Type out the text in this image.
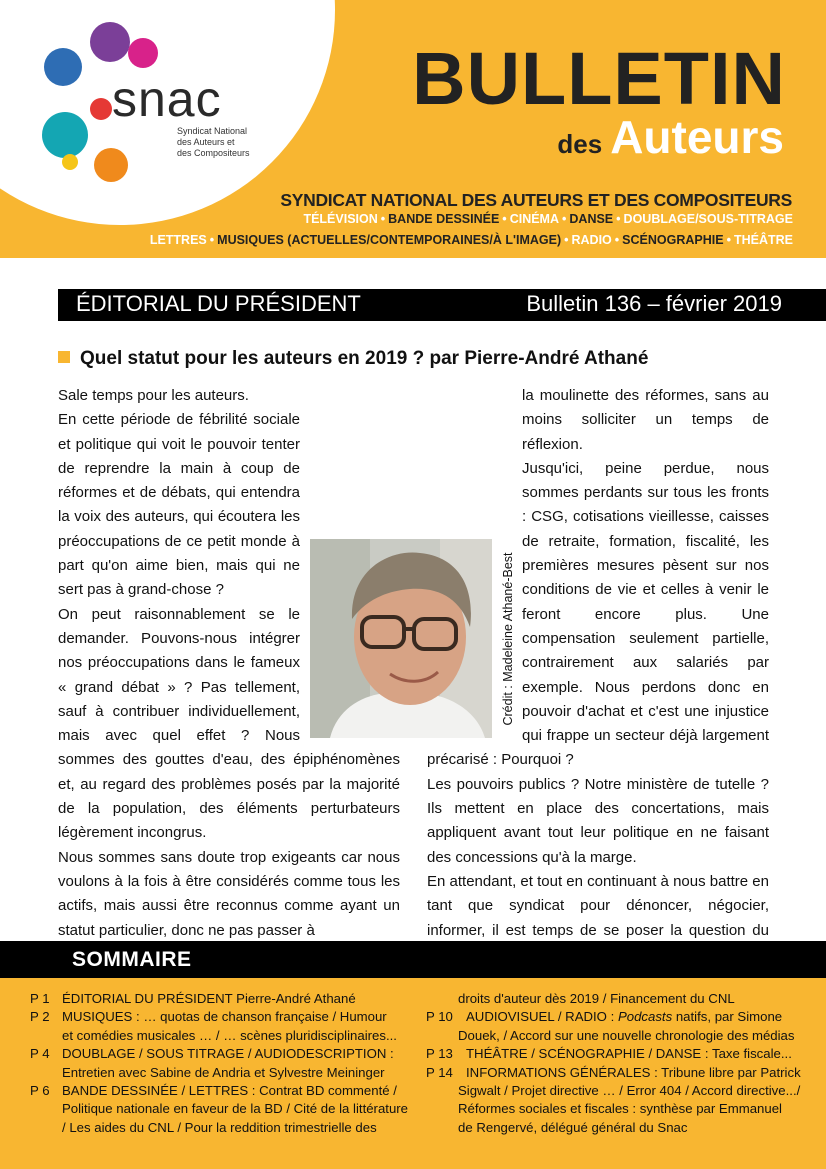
snac
Syndicat National
des Auteurs et
des Compositeurs
BULLETIN
des Auteurs
SYNDICAT NATIONAL DES AUTEURS ET DES COMPOSITEURS
TÉLÉVISION • BANDE DESSINÉE • CINÉMA • DANSE • DOUBLAGE/SOUS-TITRAGE
LETTRES • MUSIQUES (ACTUELLES/CONTEMPORAINES/À L'IMAGE) • RADIO • SCÉNOGRAPHIE • THÉÂTRE
ÉDITORIAL DU PRÉSIDENT	Bulletin 136 – février 2019
Quel statut pour les auteurs en 2019 ? par Pierre-André Athané

Sale temps pour les auteurs.

En cette période de fébrilité sociale et politique qui voit le pouvoir tenter de reprendre la main à coup de réformes et de débats, qui entendra la voix des auteurs, qui écoutera les préoccupations de ce petit monde à part qu'on aime bien, mais qui ne sert pas à grand-chose ?

On peut raisonnablement se le demander. Pouvons-nous intégrer nos préoccupations dans le fameux « grand débat » ? Pas tellement, sauf à contribuer individuellement, mais avec quel effet ? Nous sommes des gouttes d'eau, des épiphénomènes et, au regard des problèmes posés par la majorité de la population, des éléments perturbateurs légèrement incongrus.

Nous sommes sans doute trop exigeants car nous voulons à la fois à être considérés comme tous les actifs, mais aussi être reconnus comme ayant un statut particulier, donc ne pas passer à

la moulinette des réformes, sans au moins solliciter un temps de réflexion.

Jusqu'ici, peine perdue, nous sommes perdants sur tous les fronts : CSG, cotisations vieillesse, caisses de retraite, formation, fiscalité, les premières mesures pèsent sur nos conditions de vie et celles à venir le feront encore plus. Une compensation seulement partielle, contrairement aux salariés par exemple. Nous perdons donc en pouvoir d'achat et c'est une injustice qui frappe un secteur déjà largement précarisé : Pourquoi ?

Les pouvoirs publics ? Notre ministère de tutelle ? Ils mettent en place des concertations, mais appliquent avant tout leur politique en ne faisant des concessions qu'à la marge.

En attendant, et tout en continuant à nous battre en tant que syndicat pour dénoncer, négocier, informer, il est temps de se poser la question du

Crédit : Madeleine Athané-Best
SOMMAIRE
P 1 ÉDITORIAL DU PRÉSIDENT Pierre-André Athané
P 2 MUSIQUES : … quotas de chanson française / Humour
et comédies musicales … / … scènes pluridisciplinaires...
P 4 DOUBLAGE / SOUS TITRAGE / AUDIODESCRIPTION :
Entretien avec Sabine de Andria et Sylvestre Meininger
P 6 BANDE DESSINÉE / LETTRES : Contrat BD commenté /
Politique nationale en faveur de la BD / Cité de la littérature
/ Les aides du CNL / Pour la reddition trimestrielle des
droits d'auteur dès 2019 / Financement du CNL
P 10 AUDIOVISUEL / RADIO : Podcasts natifs, par Simone
Douek, / Accord sur une nouvelle chronologie des médias
P 13 THÉÂTRE / SCÉNOGRAPHIE / DANSE : Taxe fiscale...
P 14 INFORMATIONS GÉNÉRALES : Tribune libre par Patrick
Sigwalt / Projet directive … / Error 404 / Accord directive.../
Réformes sociales et fiscales : synthèse par Emmanuel
de Rengervé, délégué général du Snac
